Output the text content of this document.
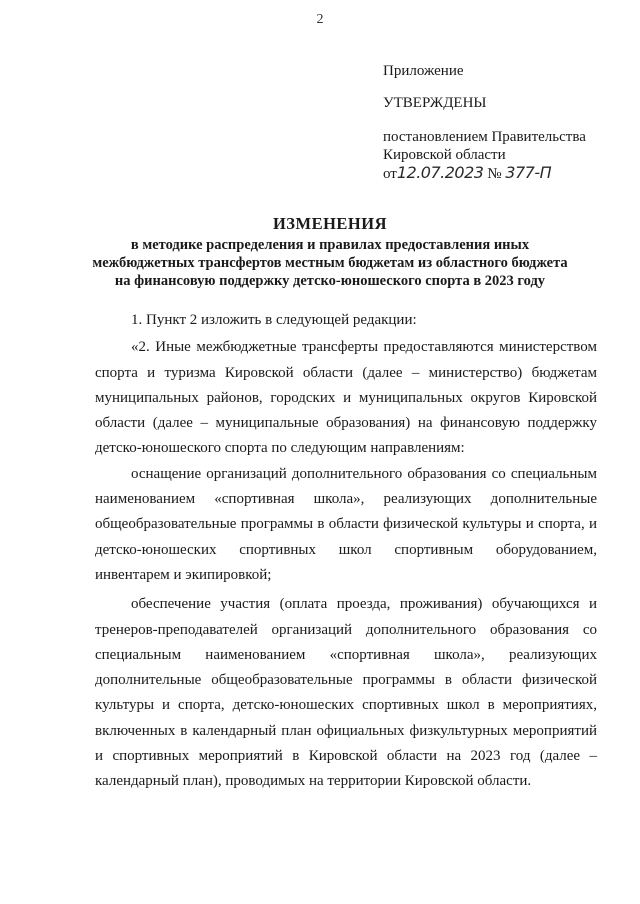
2

Приложение

УТВЕРЖДЕНЫ

постановлением Правительства

Кировской области

от12.07.2023 № 377-П

ИЗМЕНЕНИЯ

в методике распределения и правилах предоставления иных

межбюджетных трансфертов местным бюджетам из областного бюджета

на финансовую поддержку детско-юношеского спорта в 2023 году

1. Пункт 2 изложить в следующей редакции:

«2. Иные межбюджетные трансферты предоставляются министерством спорта и туризма Кировской области (далее – министерство) бюджетам муниципальных районов, городских и муниципальных округов Кировской области (далее – муниципальные образования) на финансовую поддержку детско-юношеского спорта по следующим направлениям:

оснащение организаций дополнительного образования со специальным наименованием «спортивная школа», реализующих дополнительные общеобразовательные программы в области физической культуры и спорта, и детско-юношеских спортивных школ спортивным оборудованием, инвентарем и экипировкой;

обеспечение участия (оплата проезда, проживания) обучающихся и тренеров-преподавателей организаций дополнительного образования со специальным наименованием «спортивная школа», реализующих дополнительные общеобразовательные программы в области физической культуры и спорта, детско-юношеских спортивных школ в мероприятиях, включенных в календарный план официальных физкультурных мероприятий и спортивных мероприятий в Кировской области на 2023 год (далее – календарный план), проводимых на территории Кировской области.
